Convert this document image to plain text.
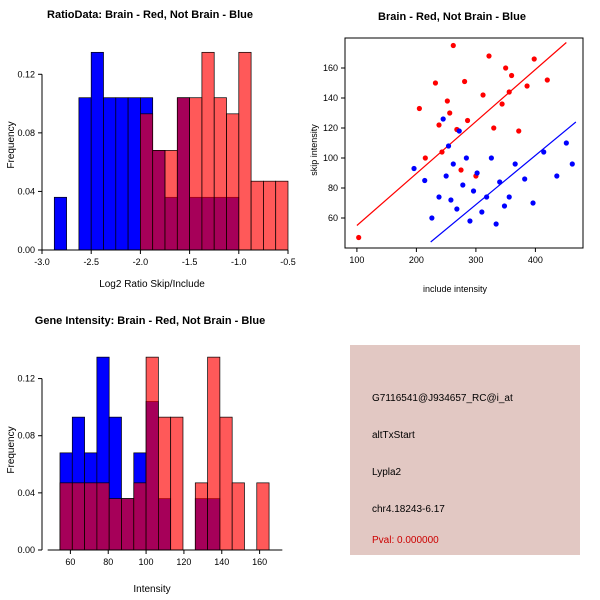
RatioData: Brain - Red, Not Brain - Blue
-3.0	-2.5	-2.0	-1.5	-1.0	-0.5
0.00
0.04
0.08
0.12
Log2 Ratio Skip/Include
Frequency
Brain - Red, Not Brain - Blue
100	200	300	400
60
80
100
120
140
160
include intensity
skip intensity
Gene Intensity: Brain - Red, Not Brain - Blue
60	80	100	120	140	160
0.00
0.04
0.08
0.12
Intensity
Frequency
G7116541@J934657_RC@i_at
altTxStart
Lypla2
chr4.18243-6.17
Pval: 0.000000
